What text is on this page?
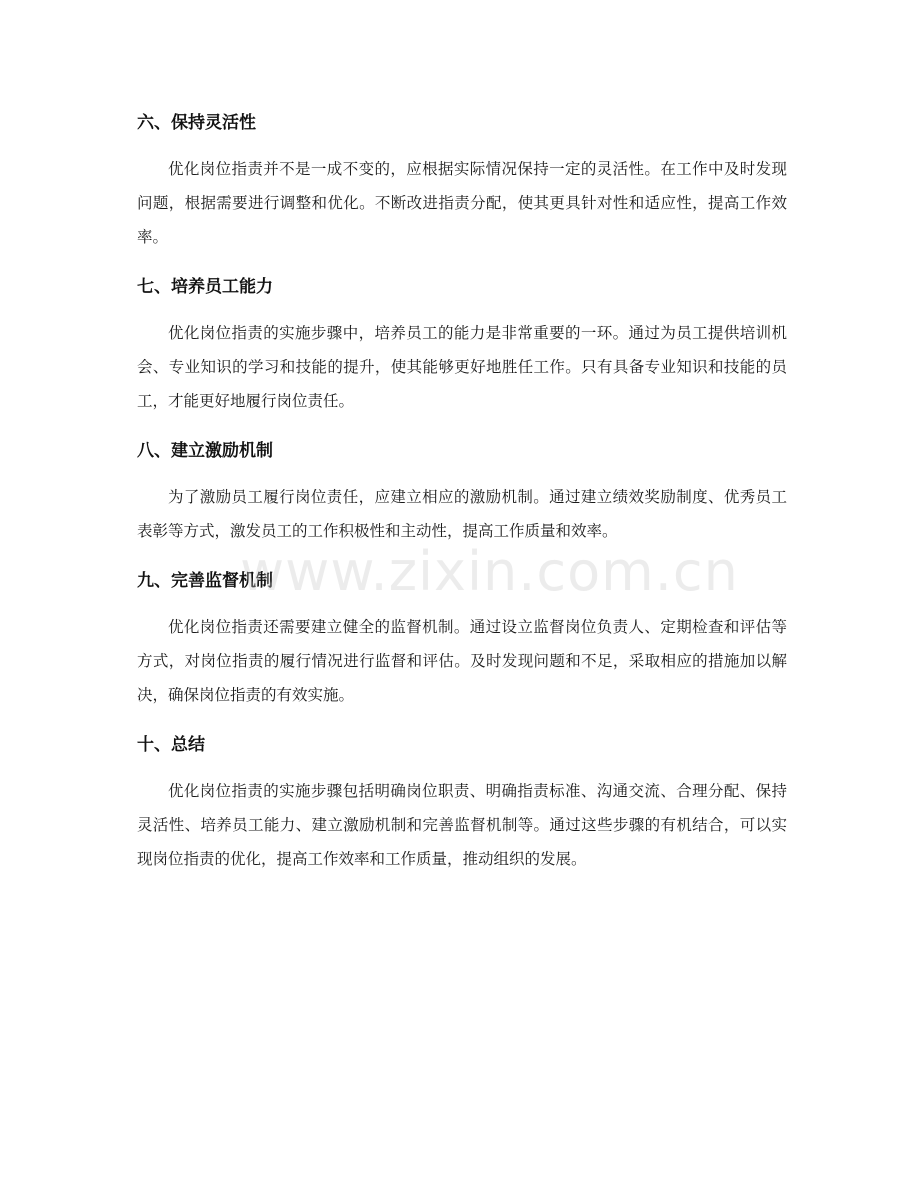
六、保持灵活性

优化岗位指责并不是一成不变的，应根据实际情况保持一定的灵活性。在工作中及时发现问题，根据需要进行调整和优化。不断改进指责分配，使其更具针对性和适应性，提高工作效率。

七、培养员工能力

优化岗位指责的实施步骤中，培养员工的能力是非常重要的一环。通过为员工提供培训机会、专业知识的学习和技能的提升，使其能够更好地胜任工作。只有具备专业知识和技能的员工，才能更好地履行岗位责任。

八、建立激励机制

为了激励员工履行岗位责任，应建立相应的激励机制。通过建立绩效奖励制度、优秀员工表彰等方式，激发员工的工作积极性和主动性，提高工作质量和效率。

九、完善监督机制

优化岗位指责还需要建立健全的监督机制。通过设立监督岗位负责人、定期检查和评估等方式，对岗位指责的履行情况进行监督和评估。及时发现问题和不足，采取相应的措施加以解决，确保岗位指责的有效实施。

十、总结

优化岗位指责的实施步骤包括明确岗位职责、明确指责标准、沟通交流、合理分配、保持灵活性、培养员工能力、建立激励机制和完善监督机制等。通过这些步骤的有机结合，可以实现岗位指责的优化，提高工作效率和工作质量，推动组织的发展。

www.zixin.com.cn
